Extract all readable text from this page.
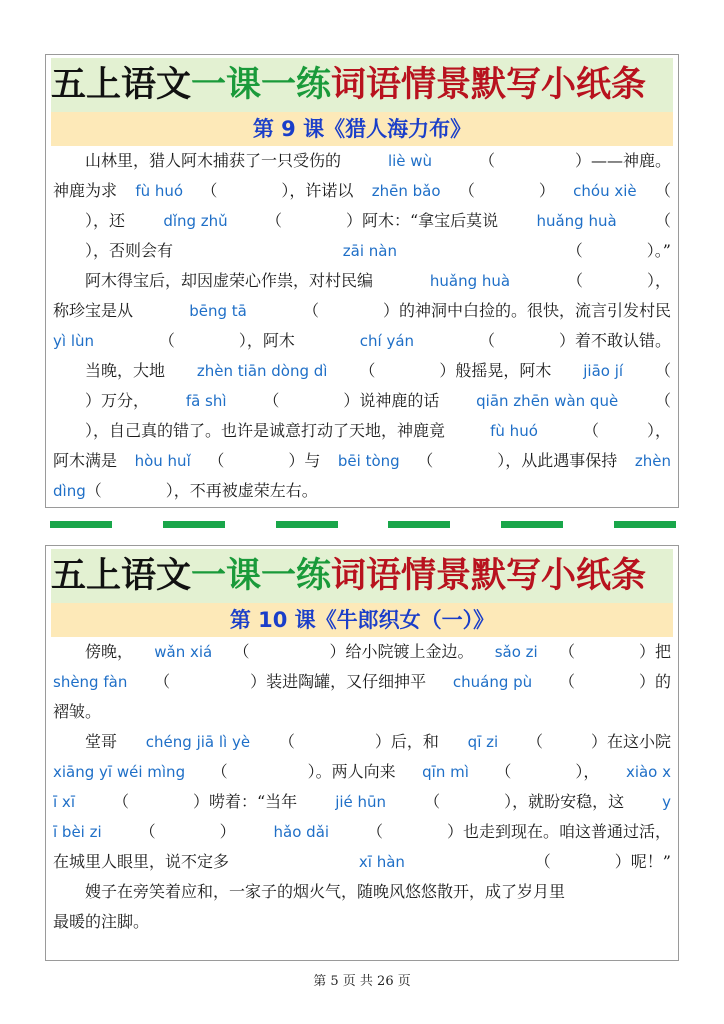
五上语文一课一练词语情景默写小纸条
第 9 课《猎人海力布》
　　山林里，猎人阿木捕获了一只受伤的	liè wù	（　　　　　）——神鹿。
神鹿为求 fù huó （　　　　），许诺以 zhēn bǎo （　　　　） chóu xiè （
　　），还	dǐng zhǔ （　　　　）阿木：“拿宝后莫说	huǎng huà （
　　），否则会有	zāi nàn	（　　　　）。”
　　阿木得宝后，却因虚荣心作祟，对村民编	huǎng huà	（　　　　），
称珍宝是从	bēng tā	（　　　　）的神洞中白捡的。很快，流言引发村民
yì lùn	（　　　　），阿木	chí yán	（　　　　）着不敢认错。
　　当晚，大地 zhèn tiān dòng dì （　　　　）般摇晃，阿木 jiāo jí （
　　）万分， fā shì （　　　　）说神鹿的话 qiān zhēn wàn què （
　　），自己真的错了。也许是诚意打动了天地，神鹿竟	fù huó	（　　　），
阿木满是 hòu huǐ （　　　　）与 bēi tòng （　　　　），从此遇事保持 zhèn
dìng （　　　　），不再被虚荣左右。
五上语文一课一练词语情景默写小纸条
第 10 课《牛郎织女（一）》
　　傍晚， wǎn xiá （　　　　　）给小院镀上金边。 sǎo zi （　　　　）把
shèng fàn （　　　　　）装进陶罐，又仔细抻平 chuáng pù （　　　　）的
褶皱。
　　堂哥 chéng jiā lì yè （　　　　　）后，和 qī zi （　　　）在这小院
xiāng yī wéi mìng （　　　　　）。两人向来 qīn mì （　　　　）， xiào x
ī xī （　　　　）唠着：“当年	jié hūn （　　　　），就盼安稳，这	y
ī bèi zi （　　　　）	hǎo dǎi （　　　　）也走到现在。咱这普通过活，
在城里人眼里，说不定多	xī hàn	（　　　　）呢！”
　　嫂子在旁笑着应和，一家子的烟火气，随晚风悠悠散开，成了岁月里
最暖的注脚。
第 5 页 共 26 页
